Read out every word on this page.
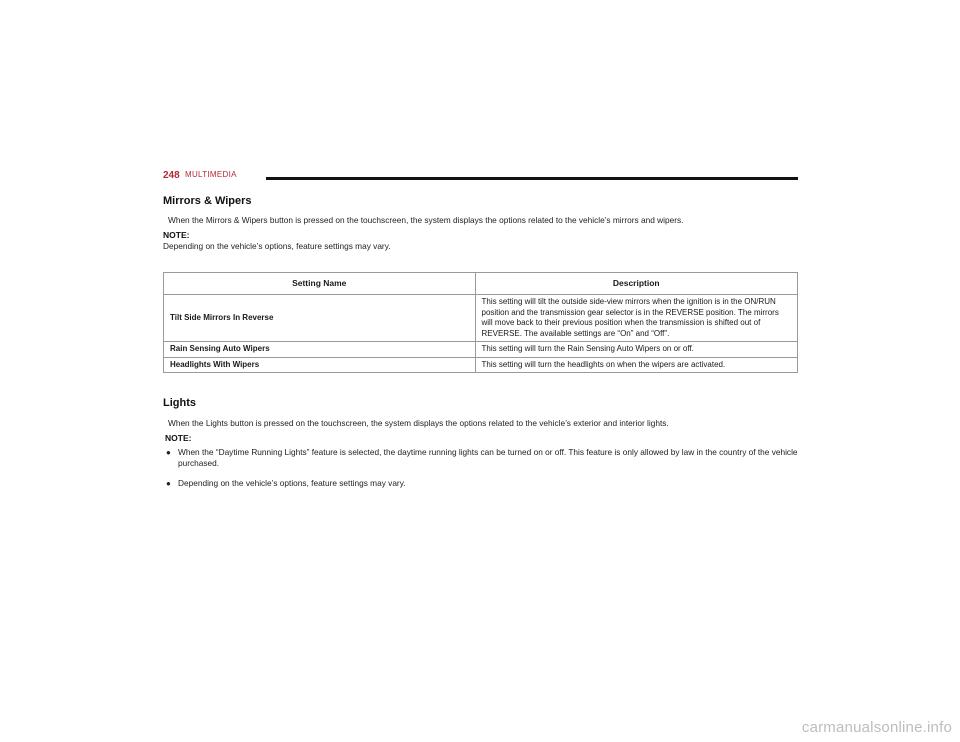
248 MULTIMEDIA
Mirrors & Wipers

When the Mirrors & Wipers button is pressed on the touchscreen, the system displays the options related to the vehicle’s mirrors and wipers.

NOTE:

Depending on the vehicle’s options, feature settings may vary.

Setting Name	Description
Tilt Side Mirrors In Reverse	This setting will tilt the outside side-view mirrors when the ignition is in the ON/RUN position and the transmission gear selector is in the REVERSE position. The mirrors will move back to their previous position when the transmission is shifted out of REVERSE. The available settings are “On” and “Off”.
Rain Sensing Auto Wipers	This setting will turn the Rain Sensing Auto Wipers on or off.
Headlights With Wipers	This setting will turn the headlights on when the wipers are activated.
Lights

When the Lights button is pressed on the touchscreen, the system displays the options related to the vehicle’s exterior and interior lights.

NOTE:

● When the “Daytime Running Lights” feature is selected, the daytime running lights can be turned on or off. This feature is only allowed by law in the country of the vehicle purchased.
● Depending on the vehicle’s options, feature settings may vary.
carmanualsonline.info
